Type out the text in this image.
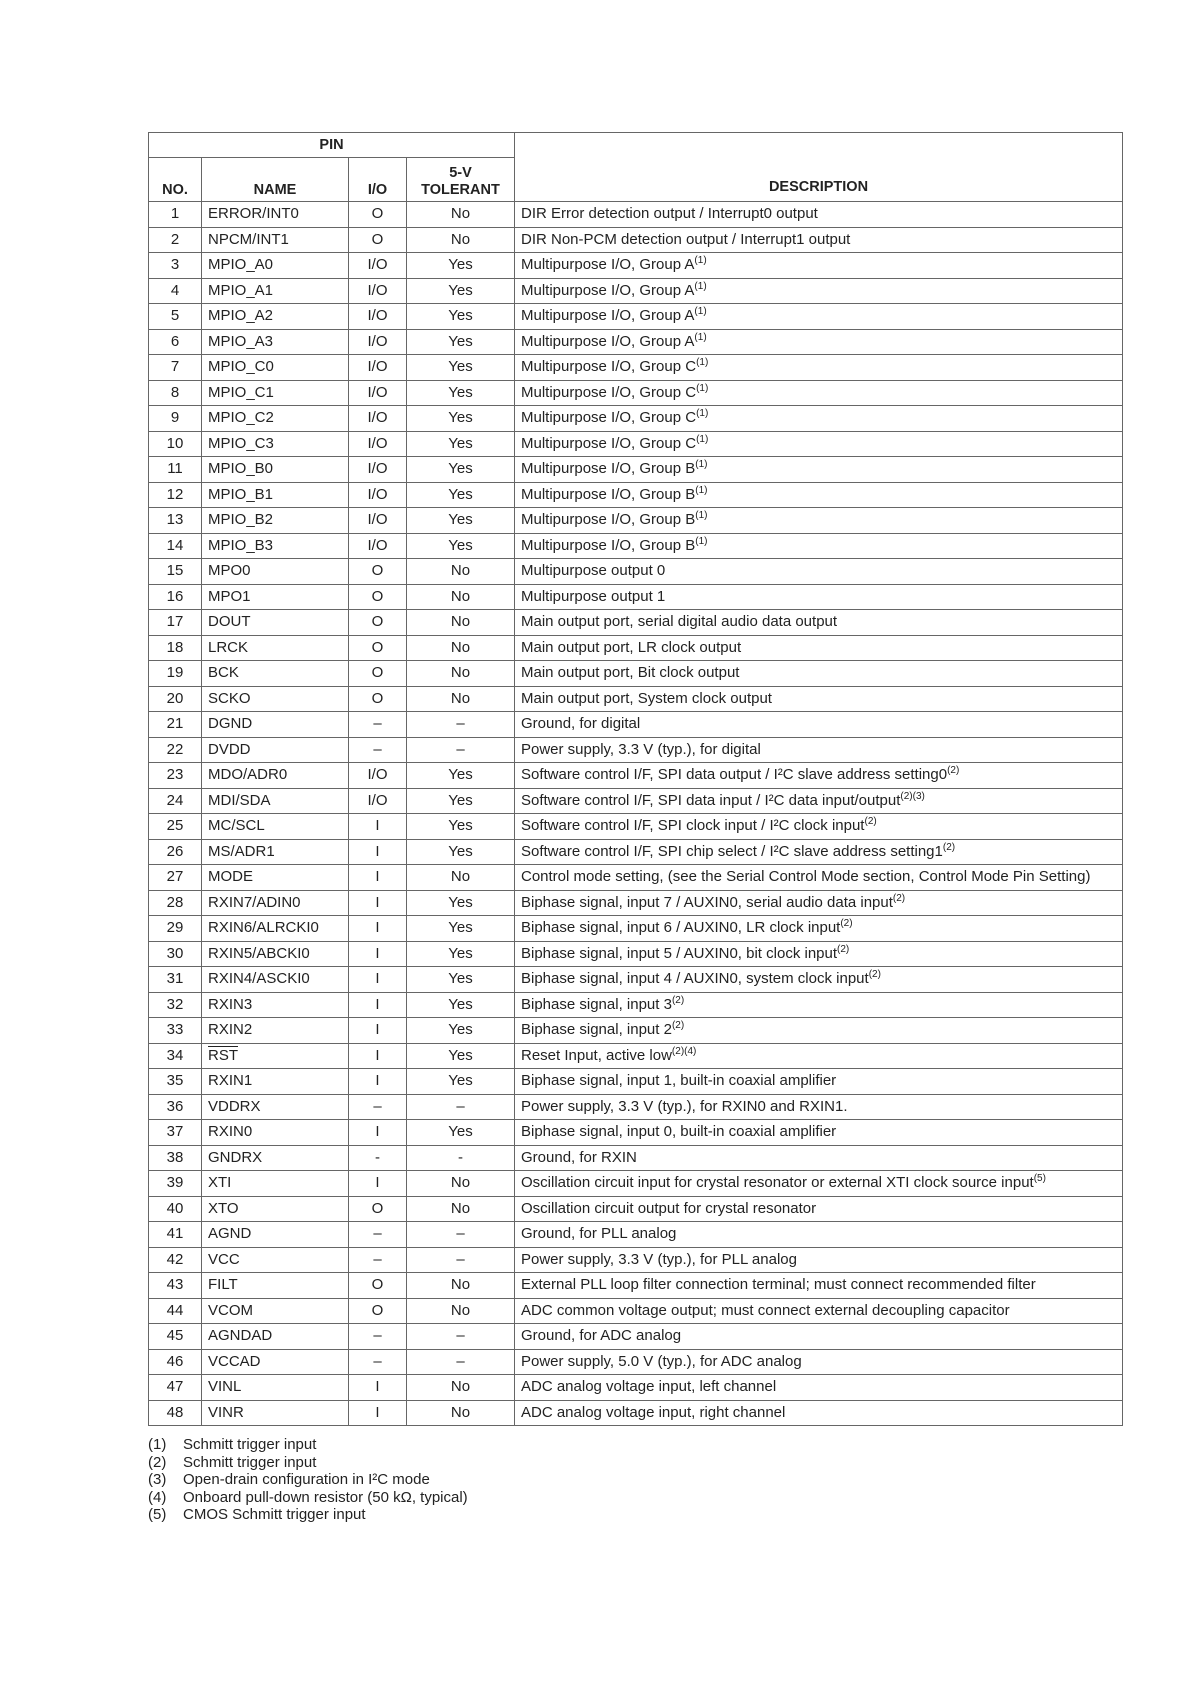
PIN				DESCRIPTION
NO.	NAME	I/O	5-V
TOLERANT	
1	ERROR/INT0	O	No	DIR Error detection output / Interrupt0 output
2	NPCM/INT1	O	No	DIR Non-PCM detection output / Interrupt1 output
3	MPIO_A0	I/O	Yes	Multipurpose I/O, Group $A^{(1)}$
4	MPIO_A1	I/O	Yes	Multipurpose I/O, Group $A^{(1)}$
5	MPIO_A2	I/O	Yes	Multipurpose I/O, Group $A^{(1)}$
6	MPIO_A3	I/O	Yes	Multipurpose I/O, Group $A^{(1)}$
7	MPIO_C0	I/O	Yes	Multipurpose I/O, Group $C^{(1)}$
8	MPIO_C1	I/O	Yes	Multipurpose I/O, Group $C^{(1)}$
9	MPIO_C2	I/O	Yes	Multipurpose I/O, Group $C^{(1)}$
10	MPIO_C3	I/O	Yes	Multipurpose I/O, Group $C^{(1)}$
11	MPIO_B0	I/O	Yes	Multipurpose I/O, Group $B^{(1)}$
12	MPIO_B1	I/O	Yes	Multipurpose I/O, Group $B^{(1)}$
13	MPIO_B2	I/O	Yes	Multipurpose I/O, Group $B^{(1)}$
14	MPIO_B3	I/O	Yes	Multipurpose I/O, Group $B^{(1)}$
15	MPO0	O	No	Multipurpose output 0
16	MPO1	O	No	Multipurpose output 1
17	DOUT	O	No	Main output port, serial digital audio data output
18	LRCK	O	No	Main output port, LR clock output
19	BCK	O	No	Main output port, Bit clock output
20	SCKO	O	No	Main output port, System clock output
21	DGND	–	–	Ground, for digital
22	DVDD	–	–	Power supply, 3.3 V (typ.), for digital
23	MDO/ADR0	I/O	Yes	Software control I/F, SPI data output / I²C slave address setting0$^{(2)}$
24	MDI/SDA	I/O	Yes	Software control I/F, SPI data input / I²C data input/output$^{(2)(3)}$
25	MC/SCL	I	Yes	Software control I/F, SPI clock input / I²C clock input$^{(2)}$
26	MS/ADR1	I	Yes	Software control I/F, SPI chip select / I²C slave address setting1$^{(2)}$
27	MODE	I	No	Control mode setting, (see the Serial Control Mode section, Control Mode Pin Setting)
28	RXIN7/ADIN0	I	Yes	Biphase signal, input 7 / AUXIN0, serial audio data input$^{(2)}$
29	RXIN6/ALRCKI0	I	Yes	Biphase signal, input 6 / AUXIN0, LR clock input$^{(2)}$
30	RXIN5/ABCKI0	I	Yes	Biphase signal, input 5 / AUXIN0, bit clock input$^{(2)}$
31	RXIN4/ASCKI0	I	Yes	Biphase signal, input 4 / AUXIN0, system clock input$^{(2)}$
32	RXIN3	I	Yes	Biphase signal, input 3$^{(2)}$
33	RXIN2	I	Yes	Biphase signal, input 2$^{(2)}$
34	$\overline{RST}$	I	Yes	Reset Input, active low$^{(2)(4)}$
35	RXIN1	I	Yes	Biphase signal, input 1, built-in coaxial amplifier
36	VDDRX	–	–	Power supply, 3.3 V (typ.), for RXIN0 and RXIN1.
37	RXIN0	I	Yes	Biphase signal, input 0, built-in coaxial amplifier
38	GNDRX	-	-	Ground, for RXIN
39	XTI	I	No	Oscillation circuit input for crystal resonator or external XTI clock source input$^{(5)}$
40	XTO	O	No	Oscillation circuit output for crystal resonator
41	AGND	–	–	Ground, for PLL analog
42	VCC	–	–	Power supply, 3.3 V (typ.), for PLL analog
43	FILT	O	No	External PLL loop filter connection terminal; must connect recommended filter
44	VCOM	O	No	ADC common voltage output; must connect external decoupling capacitor
45	AGNDAD	–	–	Ground, for ADC analog
46	VCCAD	–	–	Power supply, 5.0 V (typ.), for ADC analog
47	VINL	I	No	ADC analog voltage input, left channel
48	VINR	I	No	ADC analog voltage input, right channel
(1) Schmitt trigger input
(2) Schmitt trigger input
(3) Open-drain configuration in I²C mode
(4) Onboard pull-down resistor (50 kΩ, typical)
(5) CMOS Schmitt trigger input
